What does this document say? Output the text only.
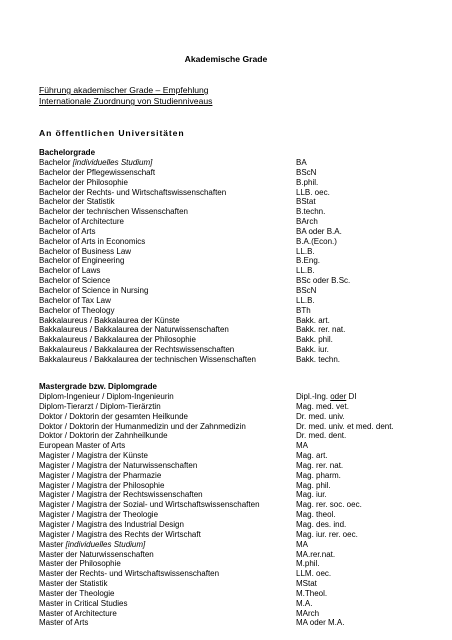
Akademische Grade
Führung akademischer Grade – Empfehlung
Internationale Zuordnung von Studienniveaus
An öffentlichen Universitäten
Bachelorgrade
Bachelor [individuelles Studium]	BA
Bachelor der Pflegewissenschaft	BScN
Bachelor der Philosophie	B.phil.
Bachelor der Rechts- und Wirtschaftswissenschaften	LLB. oec.
Bachelor der Statistik	BStat
Bachelor der technischen Wissenschaften	B.techn.
Bachelor of Architecture	BArch
Bachelor of Arts	BA oder B.A.
Bachelor of Arts in Economics	B.A.(Econ.)
Bachelor of Business Law	LL.B.
Bachelor of Engineering	B.Eng.
Bachelor of Laws	LL.B.
Bachelor of Science	BSc oder B.Sc.
Bachelor of Science in Nursing	BScN
Bachelor of Tax Law	LL.B.
Bachelor of Theology	BTh
Bakkalaureus / Bakkalaurea der Künste	Bakk. art.
Bakkalaureus / Bakkalaurea der Naturwissenschaften	Bakk. rer. nat.
Bakkalaureus / Bakkalaurea der Philosophie	Bakk. phil.
Bakkalaureus / Bakkalaurea der Rechtswissenschaften	Bakk. iur.
Bakkalaureus / Bakkalaurea der technischen Wissenschaften	Bakk. techn.
Mastergrade bzw. Diplomgrade
Diplom-Ingenieur / Diplom-Ingenieurin	Dipl.-Ing. oder DI
Diplom-Tierarzt / Diplom-Tierärztin	Mag. med. vet.
Doktor / Doktorin der gesamten Heilkunde	Dr. med. univ.
Doktor / Doktorin der Humanmedizin und der Zahnmedizin	Dr. med. univ. et med. dent.
Doktor / Doktorin der Zahnheilkunde	Dr. med. dent.
European Master of Arts	MA
Magister / Magistra der Künste	Mag. art.
Magister / Magistra der Naturwissenschaften	Mag. rer. nat.
Magister / Magistra der Pharmazie	Mag. pharm.
Magister / Magistra der Philosophie	Mag. phil.
Magister / Magistra der Rechtswissenschaften	Mag. iur.
Magister / Magistra der Sozial- und Wirtschaftswissenschaften	Mag. rer. soc. oec.
Magister / Magistra der Theologie	Mag. theol.
Magister / Magistra des Industrial Design	Mag. des. ind.
Magister / Magistra des Rechts der Wirtschaft	Mag. iur. rer. oec.
Master [individuelles Studium]	MA
Master der Naturwissenschaften	MA.rer.nat.
Master der Philosophie	M.phil.
Master der Rechts- und Wirtschaftswissenschaften	LLM. oec.
Master der Statistik	MStat
Master der Theologie	M.Theol.
Master in Critical Studies	M.A.
Master of Architecture	MArch
Master of Arts	MA oder M.A.
